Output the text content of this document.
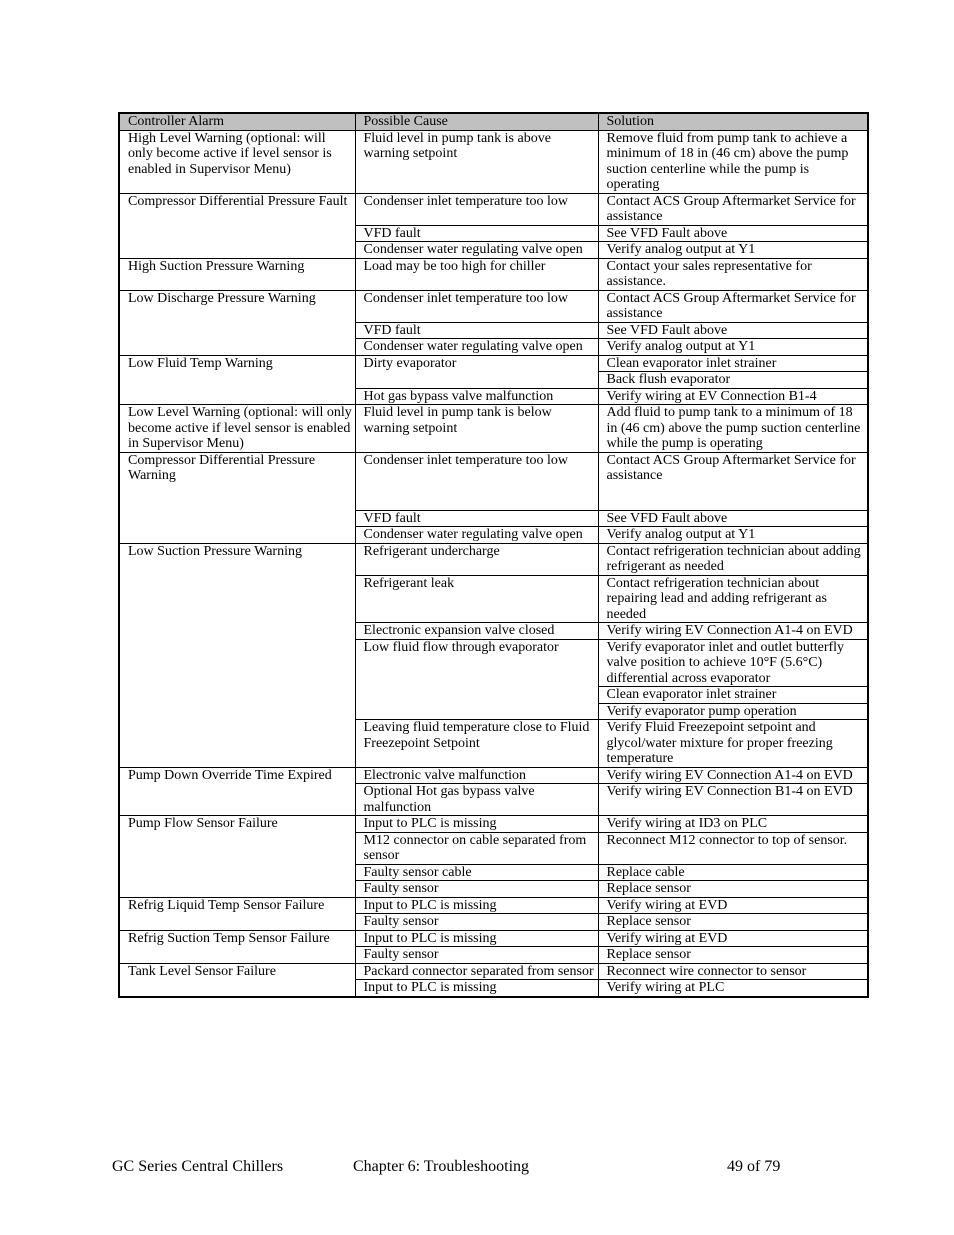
Controller Alarm	Possible Cause	Solution
High Level Warning (optional: will only become active if level sensor is enabled in Supervisor Menu)	Fluid level in pump tank is above warning setpoint	Remove fluid from pump tank to achieve a minimum of 18 in (46 cm) above the pump suction centerline while the pump is operating
Compressor Differential Pressure Fault	Condenser inlet temperature too low	Contact ACS Group Aftermarket Service for assistance
	VFD fault	See VFD Fault above
	Condenser water regulating valve open	Verify analog output at Y1
High Suction Pressure Warning	Load may be too high for chiller	Contact your sales representative for assistance.
Low Discharge Pressure Warning	Condenser inlet temperature too low	Contact ACS Group Aftermarket Service for assistance
	VFD fault	See VFD Fault above
	Condenser water regulating valve open	Verify analog output at Y1
Low Fluid Temp Warning	Dirty evaporator	Clean evaporator inlet strainer
		Back flush evaporator
	Hot gas bypass valve malfunction	Verify wiring at EV Connection B1-4
Low Level Warning (optional: will only become active if level sensor is enabled in Supervisor Menu)	Fluid level in pump tank is below warning setpoint	Add fluid to pump tank to a minimum of 18 in (46 cm) above the pump suction centerline while the pump is operating
Compressor Differential Pressure Warning	Condenser inlet temperature too low	Contact ACS Group Aftermarket Service for assistance
	VFD fault	See VFD Fault above
	Condenser water regulating valve open	Verify analog output at Y1
Low Suction Pressure Warning	Refrigerant undercharge	Contact refrigeration technician about adding refrigerant as needed
	Refrigerant leak	Contact refrigeration technician about repairing lead and adding refrigerant as needed
	Electronic expansion valve closed	Verify wiring EV Connection A1-4 on EVD
	Low fluid flow through evaporator	Verify evaporator inlet and outlet butterfly valve position to achieve 10°F (5.6°C) differential across evaporator
		Clean evaporator inlet strainer
		Verify evaporator pump operation
	Leaving fluid temperature close to Fluid Freezepoint Setpoint	Verify Fluid Freezepoint setpoint and glycol/water mixture for proper freezing temperature
Pump Down Override Time Expired	Electronic valve malfunction	Verify wiring EV Connection A1-4 on EVD
	Optional Hot gas bypass valve malfunction	Verify wiring EV Connection B1-4 on EVD
Pump Flow Sensor Failure	Input to PLC is missing	Verify wiring at ID3 on PLC
	M12 connector on cable separated from sensor	Reconnect M12 connector to top of sensor.
	Faulty sensor cable	Replace cable
	Faulty sensor	Replace sensor
Refrig Liquid Temp Sensor Failure	Input to PLC is missing	Verify wiring at EVD
	Faulty sensor	Replace sensor
Refrig Suction Temp Sensor Failure	Input to PLC is missing	Verify wiring at EVD
	Faulty sensor	Replace sensor
Tank Level Sensor Failure	Packard connector separated from sensor	Reconnect wire connector to sensor
	Input to PLC is missing	Verify wiring at PLC
GC Series Central Chillers	Chapter 6: Troubleshooting	49 of 79
